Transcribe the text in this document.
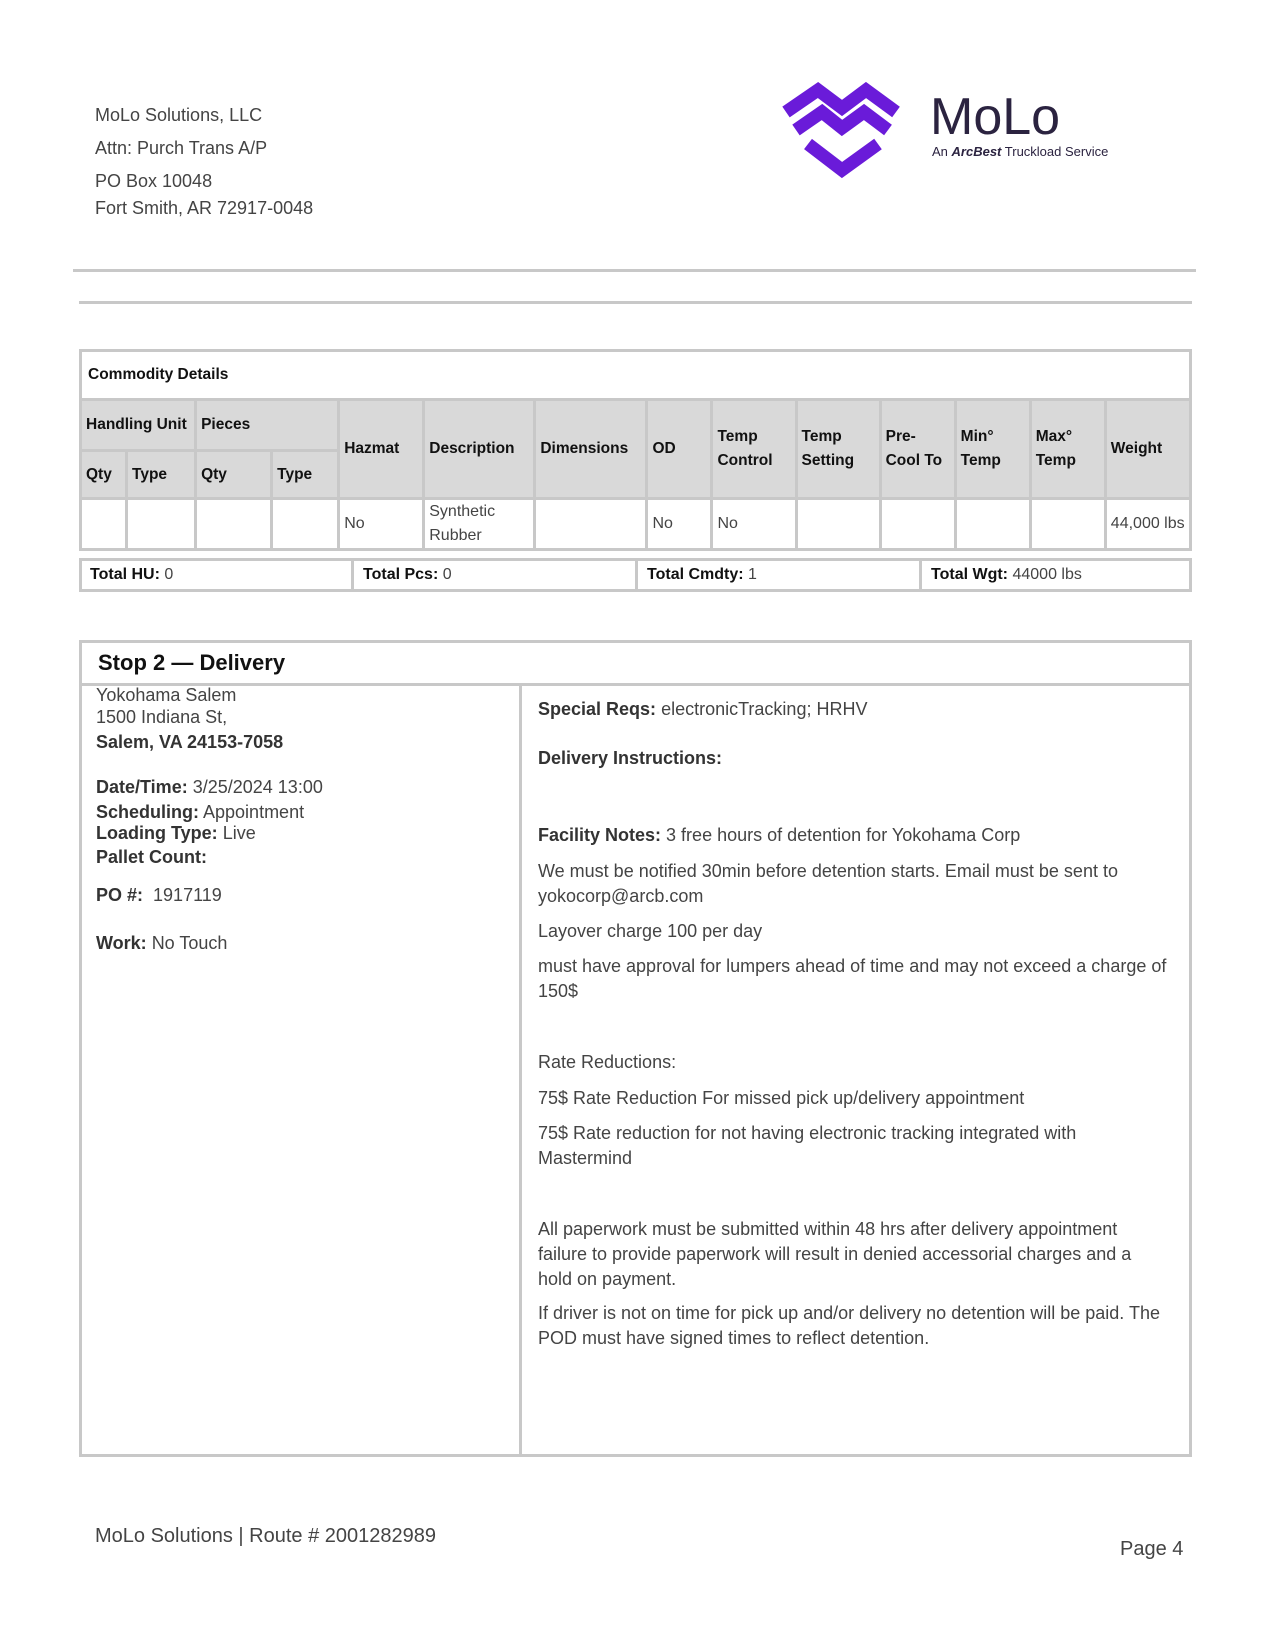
MoLo Solutions, LLC
Attn: Purch Trans A/P
PO Box 10048
Fort Smith, AR 72917-0048
MoLo
An ArcBest Truckload Service
Commodity Details													
Handling Unit		Pieces		Hazmat	Description	Dimensions	OD	Temp Control	Temp Setting	Pre-Cool To	Min° Temp	Max° Temp	Weight
Qty	Type	Qty	Type										
				No	Synthetic Rubber		No	No					44,000 lbs
Total HU: 0	Total Pcs: 0	Total Cmdty: 1	Total Wgt: 44000 lbs
Stop 2 — Delivery
Yokohama Salem
1500 Indiana St,
Salem, VA 24153-7058
Date/Time: 3/25/2024 13:00
Scheduling: Appointment
Loading Type: Live
Pallet Count:
PO #: 1917119
Work: No Touch
Special Reqs: electronicTracking; HRHV
Delivery Instructions:
Facility Notes: 3 free hours of detention for Yokohama Corp
We must be notified 30min before detention starts. Email must be sent to yokocorp@arcb.com
Layover charge 100 per day
must have approval for lumpers ahead of time and may not exceed a charge of 150$
Rate Reductions:
75$ Rate Reduction For missed pick up/delivery appointment
75$ Rate reduction for not having electronic tracking integrated with Mastermind
All paperwork must be submitted within 48 hrs after delivery appointment failure to provide paperwork will result in denied accessorial charges and a hold on payment.
If driver is not on time for pick up and/or delivery no detention will be paid. The POD must have signed times to reflect detention.
MoLo Solutions | Route # 2001282989
Page 4
